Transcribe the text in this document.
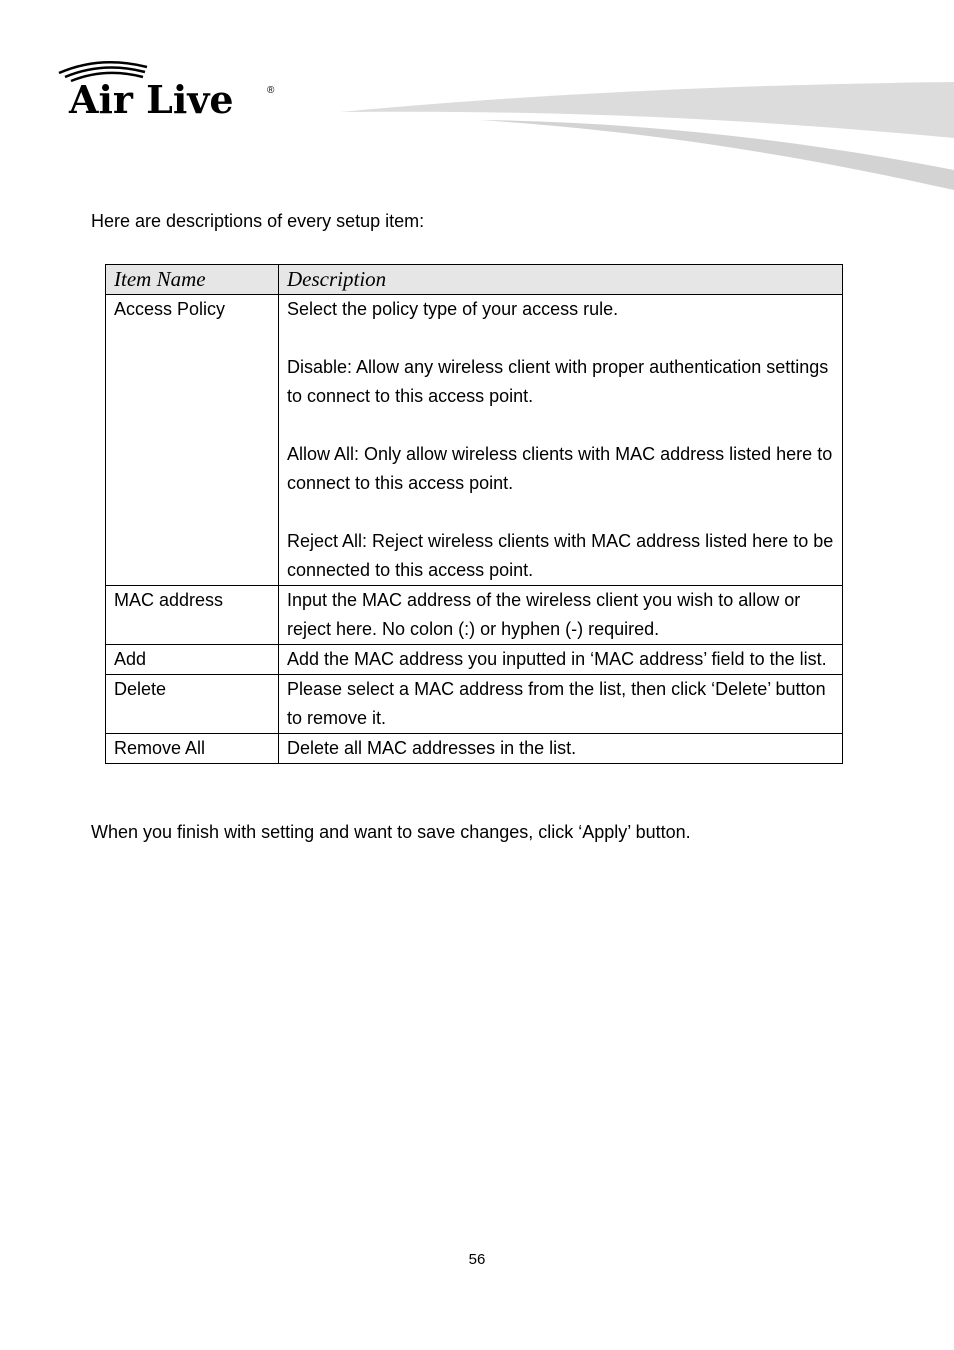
Air Live	®

Here are descriptions of every setup item:

Item Name	Description
Access Policy	Select the policy type of your access rule.

Disable: Allow any wireless client with proper authentication settings to connect to this access point.

Allow All: Only allow wireless clients with MAC address listed here to connect to this access point.

Reject All: Reject wireless clients with MAC address listed here to be connected to this access point.

MAC address	Input the MAC address of the wireless client you wish to allow or reject here. No colon (:) or hyphen (-) required.

Add	Add the MAC address you inputted in ‘MAC address’ field to the list.

Delete	Please select a MAC address from the list, then click ‘Delete’ button to remove it.

Remove All	Delete all MAC addresses in the list.

When you finish with setting and want to save changes, click ‘Apply’ button.

56
